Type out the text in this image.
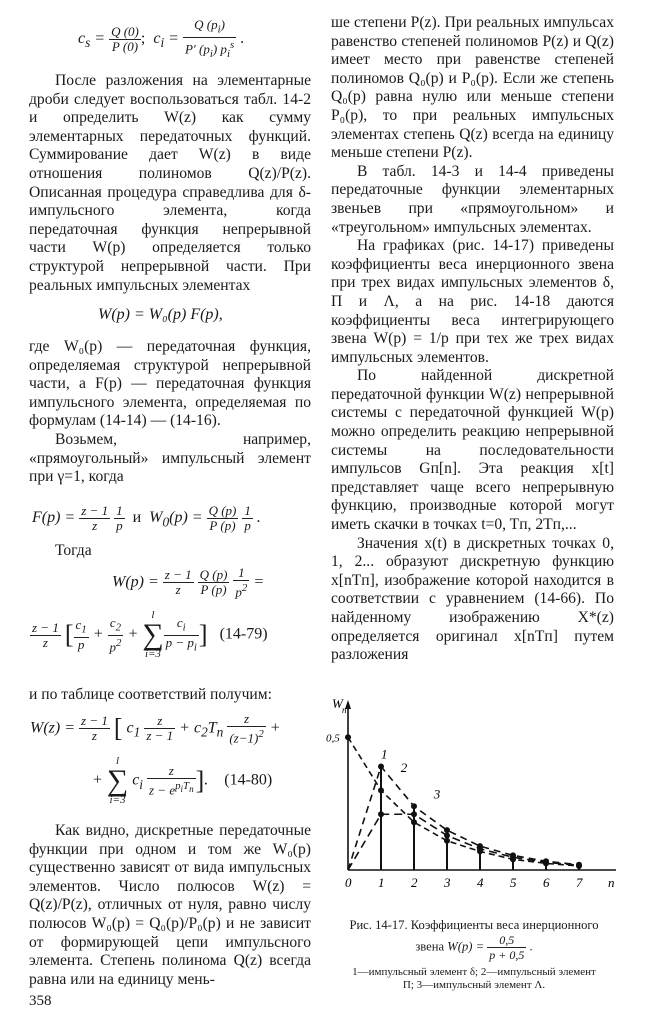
$c_s = \frac{Q (0)}{P (0)}$ ;  $c_i = \frac{Q (p_i)}{P' (p_i) p_i^s}$ .

После разложения на элементарные дроби следует воспользоваться табл. 14-2 и определить W(z) как сумму элементарных передаточных функций. Суммирование дает W(z) в виде отношения полиномов Q(z)/P(z). Описанная процедура справедлива для δ-импульсного элемента, когда передаточная функция непрерывной части W(p) определяется только структурой непрерывной части. При реальных импульсных элементах

W(p) = W₀(p) F(p),

где W₀(p) — передаточная функция, определяемая структурой непрерывной части, а F(p) — передаточная функция импульсного элемента, определяемая по формулам (14-14) — (14-16).

Возьмем, например, «прямоугольный» импульсный элемент при γ=1, когда

$F(p) = \frac{z - 1}{z}$
$\frac{1}{p}$ и  $W_0(p) = \frac{Q (p)}{P (p)}$
$\frac{1}{p}$ .

Тогда

$W(p) = \frac{z - 1}{z}$
$\frac{Q (p)}{P (p)}$
$\frac{1}{p^2}$ =
$\frac{z - 1}{z}$ [ $\frac{c_1}{p} + \frac{c_2}{p^2} + l$
∑
$i=3 \frac{c_i}{p - p_i}$ ] (14-79)

и по таблице соответствий получим:

$W(z) = \frac{z - 1}{z}$ [ $c_1 \frac{z}{z - 1} + c_2T_п \frac{z}{(z-1)^2}$ +
+ l
∑
i=3 $c_i \frac{z}{z - e^{p_iT_п}}$ ].    (14-80)

Как видно, дискретные передаточные функции при одном и том же W₀(p) существенно зависят от вида импульсных элементов. Число полюсов W(z) = Q(z)/P(z), отличных от нуля, равно числу полюсов W₀(p) = Q₀(p)/P₀(p) и не зависит от формирующей цепи импульсного элемента. Степень полинома Q(z) всегда равна или на единицу мень-

358

ше степени P(z). При реальных импульсах равенство степеней полиномов P(z) и Q(z) имеет место при равенстве степеней полиномов Q₀(p) и P₀(p). Если же степень Q₀(p) равна нулю или меньше степени P₀(p), то при реальных импульсных элементах степень Q(z) всегда на единицу меньше степени P(z).

В табл. 14-3 и 14-4 приведены передаточные функции элементарных звеньев при «прямоугольном» и «треугольном» импульсных элементах.

На графиках (рис. 14-17) приведены коэффициенты веса инерционного звена при трех видах импульсных элементов δ, П и Λ, а на рис. 14-18 даются коэффициенты веса интегрирующего звена W(p) = 1/p при тех же трех видах импульсных элементов.

По найденной дискретной передаточной функции W(z) непрерывной системы с передаточной функцией W(p) можно определить реакцию непрерывной системы на последовательности импульсов Gп[n]. Эта реакция x[t] представляет чаще всего непрерывную функцию, производные которой могут иметь скачки в точках t=0, Tп, 2Tп,...

Значения x(t) в дискретных точках 0, 1, 2... образуют дискретную функцию x[nTп], изображение которой находится в соответствии с уравнением (14-66). По найденному изображению X*(z) определяется оригинал x[nTп] путем разложения

W n
n
0,5
0 1 2 3 4 5 6 7
1
2
3
Рис. 14-17. Коэффициенты веса инерционного
звена $W(p) = \frac{0,5}{p + 0,5}$ .
1—импульсный элемент δ; 2—импульсный элемент
П; 3—импульсный элемент Λ.
